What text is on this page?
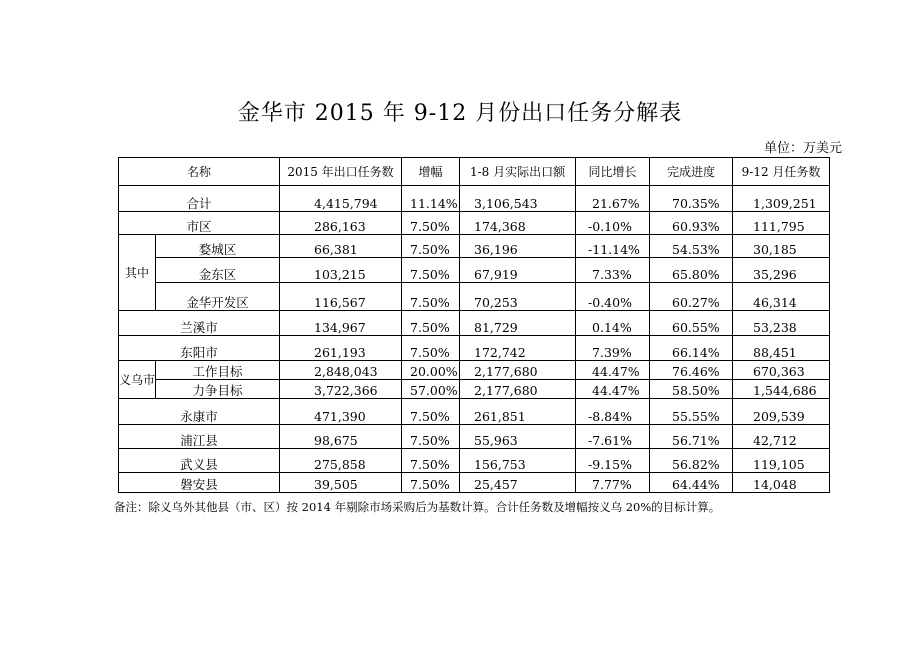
金华市 2015 年 9-12 月份出口任务分解表
单位：万美元
名称		2015 年出口任务数	增幅	1-8 月实际出口额	同比增长	完成进度	9-12 月任务数
合计		4,415,794	11.14%	3,106,543	21.67%	70.35%	1,309,251
市区		286,163	7.50%	174,368	-0.10%	60.93%	111,795
其中	婺城区	66,381	7.50%	36,196	-11.14%	54.53%	30,185
	金东区	103,215	7.50%	67,919	7.33%	65.80%	35,296
	金华开发区	116,567	7.50%	70,253	-0.40%	60.27%	46,314
兰溪市		134,967	7.50%	81,729	0.14%	60.55%	53,238
东阳市		261,193	7.50%	172,742	7.39%	66.14%	88,451
义乌市	工作目标	2,848,043	20.00%	2,177,680	44.47%	76.46%	670,363
	力争目标	3,722,366	57.00%	2,177,680	44.47%	58.50%	1,544,686
永康市		471,390	7.50%	261,851	-8.84%	55.55%	209,539
浦江县		98,675	7.50%	55,963	-7.61%	56.71%	42,712
武义县		275,858	7.50%	156,753	-9.15%	56.82%	119,105
磐安县		39,505	7.50%	25,457	7.77%	64.44%	14,048
备注：除义乌外其他县（市、区）按 2014 年剔除市场采购后为基数计算。合计任务数及增幅按义乌 20%的目标计算。
